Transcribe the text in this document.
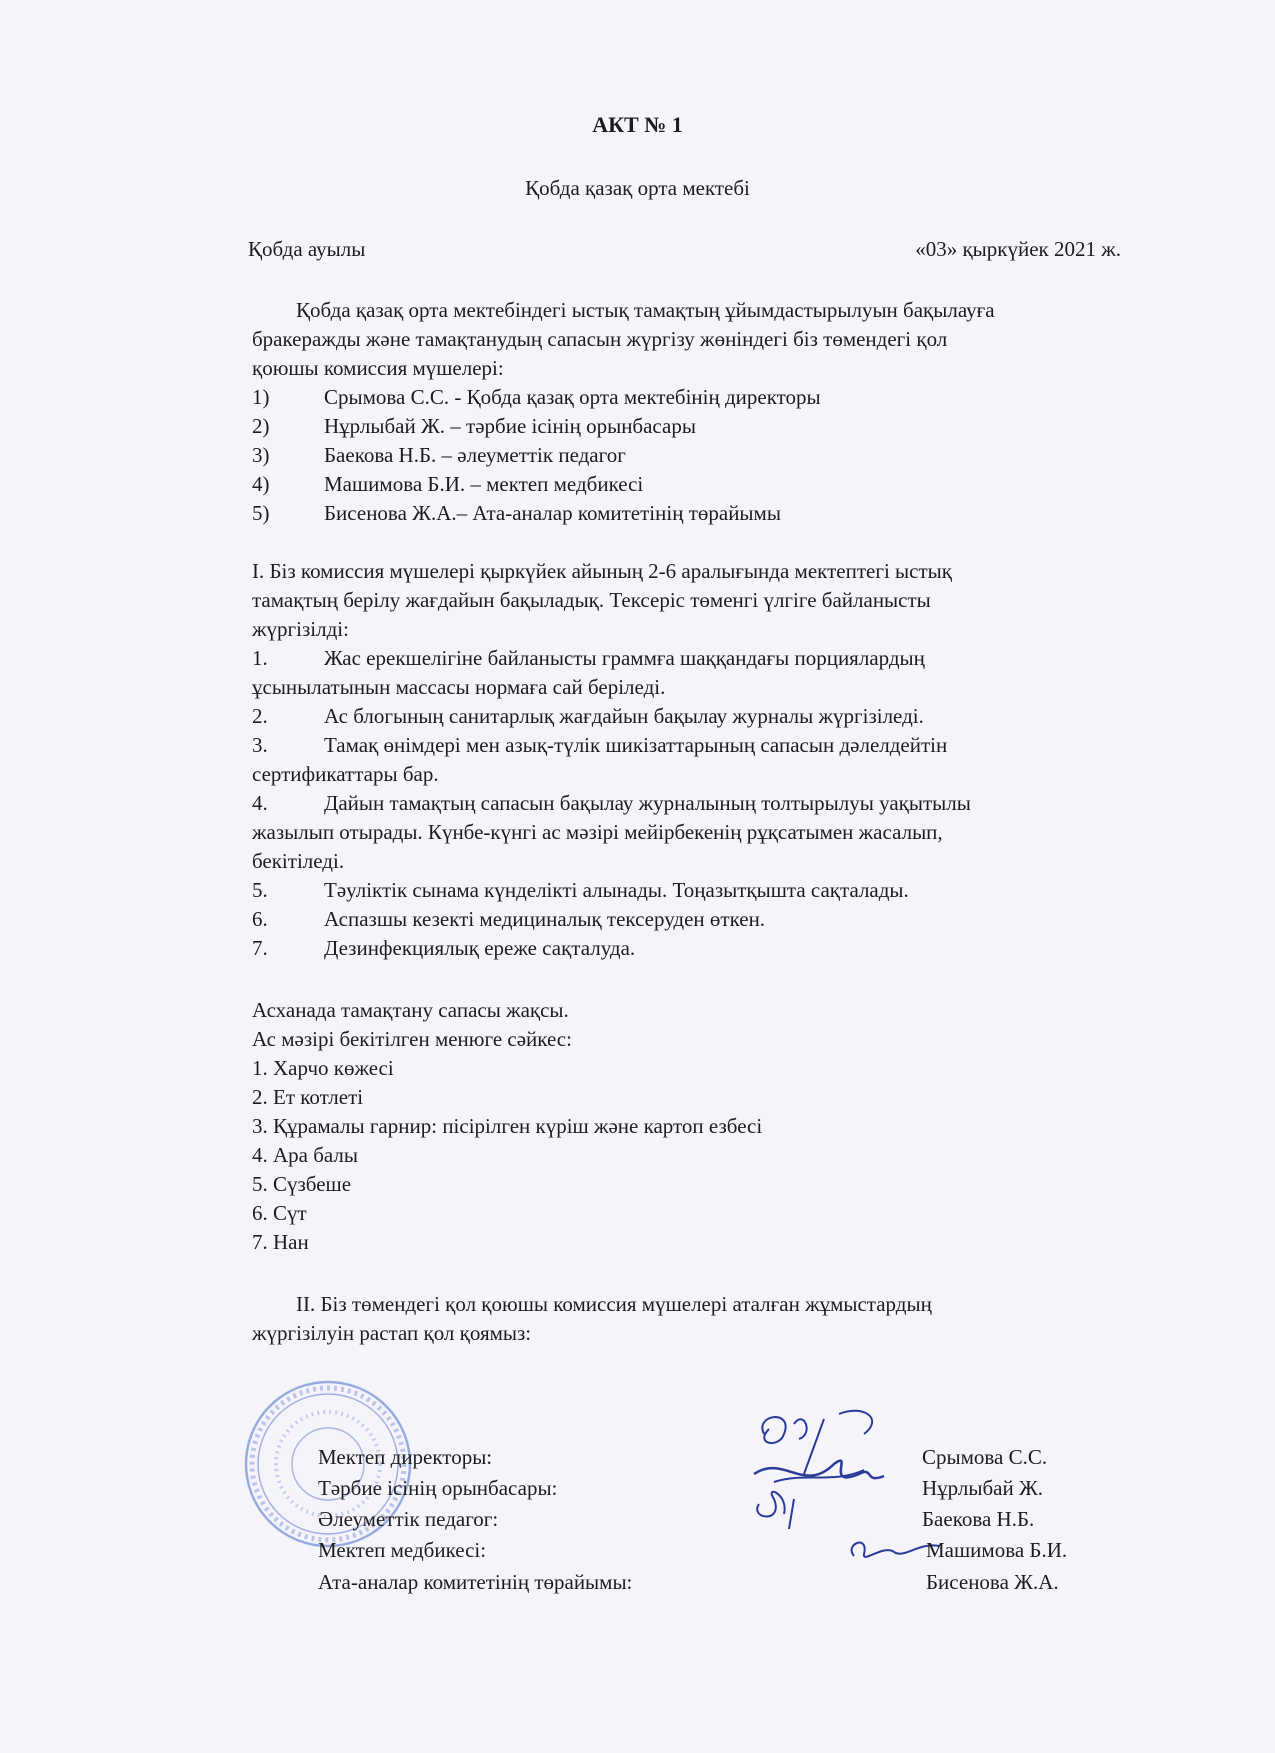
АКТ № 1
Қобда қазақ орта мектебі
Қобда ауылы	«03» қыркүйек 2021 ж.
Қобда қазақ орта мектебіндегі ыстық тамақтың ұйымдастырылуын бақылауға
бракеражды және тамақтанудың сапасын жүргізу жөніндегі біз төмендегі қол
қоюшы комиссия мүшелері:
1)	Срымова С.С. - Қобда қазақ орта мектебінің директоры
2)	Нұрлыбай Ж. – тәрбие ісінің орынбасары
3)	Баекова Н.Б. – әлеуметтік педагог
4)	Машимова Б.И. – мектеп медбикесі
5)	Бисенова Ж.А.– Ата-аналар комитетінің төрайымы
I. Біз комиссия мүшелері қыркүйек айының 2-6 аралығында мектептегі ыстық
тамақтың берілу жағдайын бақыладық. Тексеріс төменгі үлгіге байланысты
жүргізілді:
1.	Жас ерекшелігіне байланысты граммға шаққандағы порциялардың
ұсынылатынын массасы нормаға сай беріледі.
2.	Ас блогының санитарлық жағдайын бақылау журналы жүргізіледі.
3.	Тамақ өнімдері мен азық-түлік шикізаттарының сапасын дәлелдейтін
сертификаттары бар.
4.	Дайын тамақтың сапасын бақылау журналының толтырылуы уақытылы
жазылып отырады. Күнбе-күнгі ас мәзірі мейірбекенің рұқсатымен жасалып,
бекітіледі.
5.	Тәуліктік сынама күнделікті алынады. Тоңазытқышта сақталады.
6.	Аспазшы кезекті медициналық тексеруден өткен.
7.	Дезинфекциялық ереже сақталуда.
Асханада тамақтану сапасы жақсы.
Ас мәзірі бекітілген менюге сәйкес:
1. Харчо көжесі
2. Ет котлеті
3. Құрамалы гарнир: пісірілген күріш және картоп езбесі
4. Ара балы
5. Сүзбеше
6. Сүт
7. Нан
II. Біз төмендегі қол қоюшы комиссия мүшелері аталған жұмыстардың
жүргізілуін растап қол қоямыз:
Мектеп директоры:	Срымова С.С.
Тәрбие ісінің орынбасары:	Нұрлыбай Ж.
Әлеуметтік педагог:	Баекова Н.Б.
Мектеп медбикесі:	Машимова Б.И.
Ата-аналар комитетінің төрайымы:	Бисенова Ж.А.
